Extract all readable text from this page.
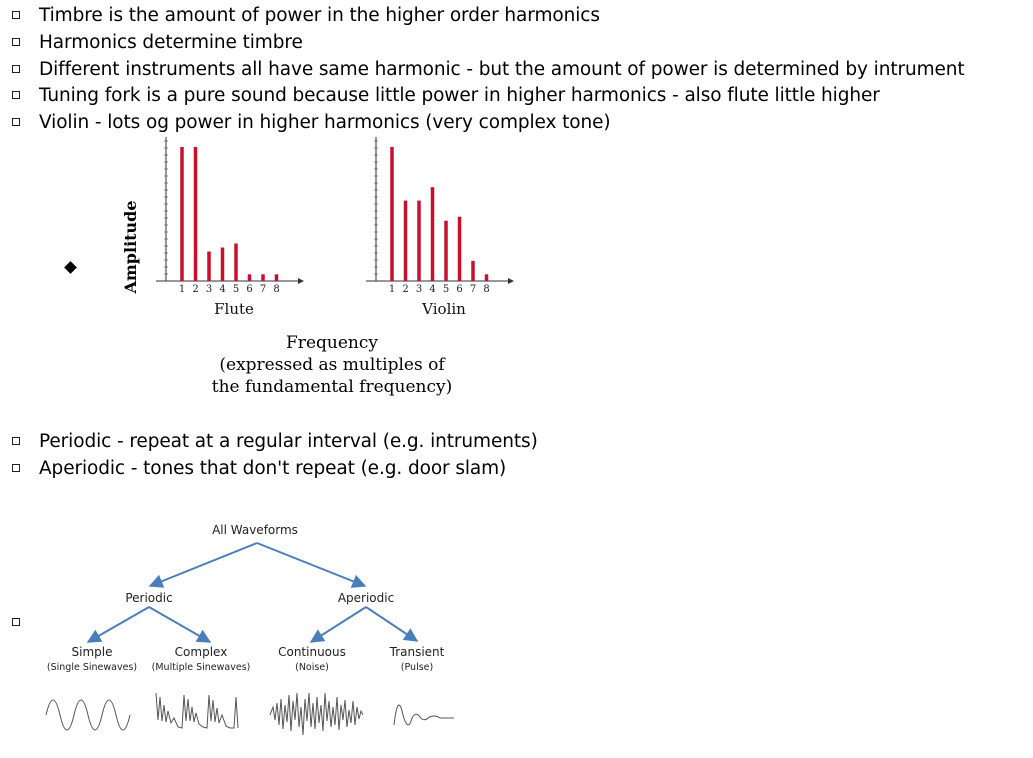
Timbre is the amount of power in the higher order harmonics
Harmonics determine timbre
Different instruments all have same harmonic - but the amount of power is determined by intrument
Tuning fork is a pure sound because little power in higher harmonics - also flute little higher
Violin - lots og power in higher harmonics (very complex tone)
Amplitude	1 2 3 4 5 6 7 8
Flute
1 2 3 4 5 6 7 8
Violin
Frequency
(expressed as multiples of
the fundamental frequency)
Periodic - repeat at a regular interval (e.g. intruments)
Aperiodic - tones that don't repeat (e.g. door slam)
All Waveforms
Periodic	Aperiodic
Simple
(Single Sinewaves)
Complex
(Multiple Sinewaves)
Continuous
(Noise)
Transient
(Pulse)
